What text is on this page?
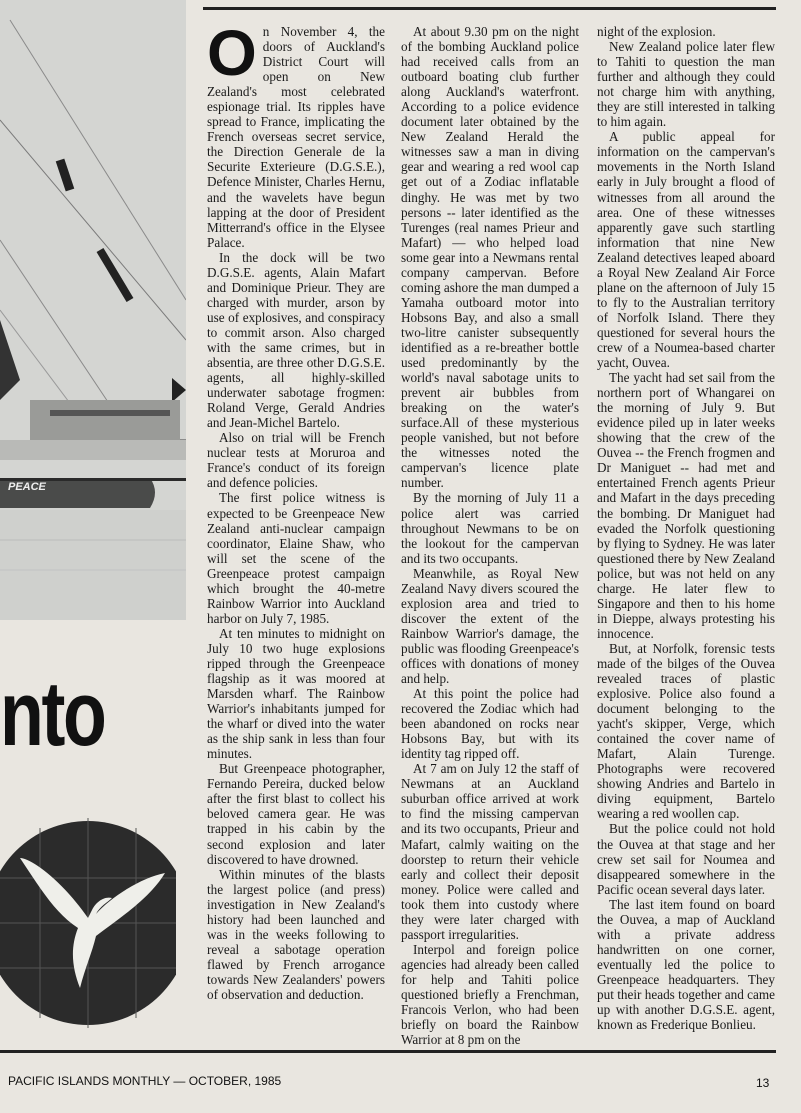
PEACE
nto

On November 4, the doors of Auckland's District Court will open on New Zealand's most celebrated espionage trial. Its ripples have spread to France, implicating the French overseas secret service, the Direction Generale de la Securite Exterieure (D.G.S.E.), Defence Minister, Charles Hernu, and the wavelets have begun lapping at the door of President Mitterrand's office in the Elysee Palace.

In the dock will be two D.G.S.E. agents, Alain Mafart and Dominique Prieur. They are charged with murder, arson by use of explosives, and conspiracy to commit arson. Also charged with the same crimes, but in absentia, are three other D.G.S.E. agents, all highly-skilled underwater sabotage frogmen: Roland Verge, Gerald Andries and Jean-Michel Bartelo.

Also on trial will be French nuclear tests at Moruroa and France's conduct of its foreign and defence policies.

The first police witness is expected to be Greenpeace New Zealand anti-nuclear campaign coordinator, Elaine Shaw, who will set the scene of the Greenpeace protest campaign which brought the 40-metre Rainbow Warrior into Auckland harbor on July 7, 1985.

At ten minutes to midnight on July 10 two huge explosions ripped through the Greenpeace flagship as it was moored at Marsden wharf. The Rainbow Warrior's inhabitants jumped for the wharf or dived into the water as the ship sank in less than four minutes.

But Greenpeace photographer, Fernando Pereira, ducked below after the first blast to collect his beloved camera gear. He was trapped in his cabin by the second explosion and later discovered to have drowned.

Within minutes of the blasts the largest police (and press) investigation in New Zealand's history had been launched and was in the weeks following to reveal a sabotage operation flawed by French arrogance towards New Zealanders' powers of observation and deduction.

At about 9.30 pm on the night of the bombing Auckland police had received calls from an outboard boating club further along Auckland's waterfront. According to a police evidence document later obtained by the New Zealand Herald the witnesses saw a man in diving gear and wearing a red wool cap get out of a Zodiac inflatable dinghy. He was met by two persons -- later identified as the Turenges (real names Prieur and Mafart) — who helped load some gear into a Newmans rental company campervan. Before coming ashore the man dumped a Yamaha outboard motor into Hobsons Bay, and also a small two-litre canister subsequently identified as a re-breather bottle used predominantly by the world's naval sabotage units to prevent air bubbles from breaking on the water's surface.All of these mysterious people vanished, but not before the witnesses noted the campervan's licence plate number.

By the morning of July 11 a police alert was carried throughout Newmans to be on the lookout for the campervan and its two occupants.

Meanwhile, as Royal New Zealand Navy divers scoured the explosion area and tried to discover the extent of the Rainbow Warrior's damage, the public was flooding Greenpeace's offices with donations of money and help.

At this point the police had recovered the Zodiac which had been abandoned on rocks near Hobsons Bay, but with its identity tag ripped off.

At 7 am on July 12 the staff of Newmans at an Auckland suburban office arrived at work to find the missing campervan and its two occupants, Prieur and Mafart, calmly waiting on the doorstep to return their vehicle early and collect their deposit money. Police were called and took them into custody where they were later charged with passport irregularities.

Interpol and foreign police agencies had already been called for help and Tahiti police questioned briefly a Frenchman, Francois Verlon, who had been briefly on board the Rainbow Warrior at 8 pm on the

night of the explosion.

New Zealand police later flew to Tahiti to question the man further and although they could not charge him with anything, they are still interested in talking to him again.

A public appeal for information on the campervan's movements in the North Island early in July brought a flood of witnesses from all around the area. One of these witnesses apparently gave such startling information that nine New Zealand detectives leaped aboard a Royal New Zealand Air Force plane on the afternoon of July 15 to fly to the Australian territory of Norfolk Island. There they questioned for several hours the crew of a Noumea-based charter yacht, Ouvea.

The yacht had set sail from the northern port of Whangarei on the morning of July 9. But evidence piled up in later weeks showing that the crew of the Ouvea -- the French frogmen and Dr Maniguet -- had met and entertained French agents Prieur and Mafart in the days preceding the bombing. Dr Maniguet had evaded the Norfolk questioning by flying to Sydney. He was later questioned there by New Zealand police, but was not held on any charge. He later flew to Singapore and then to his home in Dieppe, always protesting his innocence.

But, at Norfolk, forensic tests made of the bilges of the Ouvea revealed traces of plastic explosive. Police also found a document belonging to the yacht's skipper, Verge, which contained the cover name of Mafart, Alain Turenge. Photographs were recovered showing Andries and Bartelo in diving equipment, Bartelo wearing a red woollen cap.

But the police could not hold the Ouvea at that stage and her crew set sail for Noumea and disappeared somewhere in the Pacific ocean several days later.

The last item found on board the Ouvea, a map of Auckland with a private address handwritten on one corner, eventually led the police to Greenpeace headquarters. They put their heads together and came up with another D.G.S.E. agent, known as Frederique Bonlieu.

PACIFIC ISLANDS MONTHLY — OCTOBER, 1985	13
